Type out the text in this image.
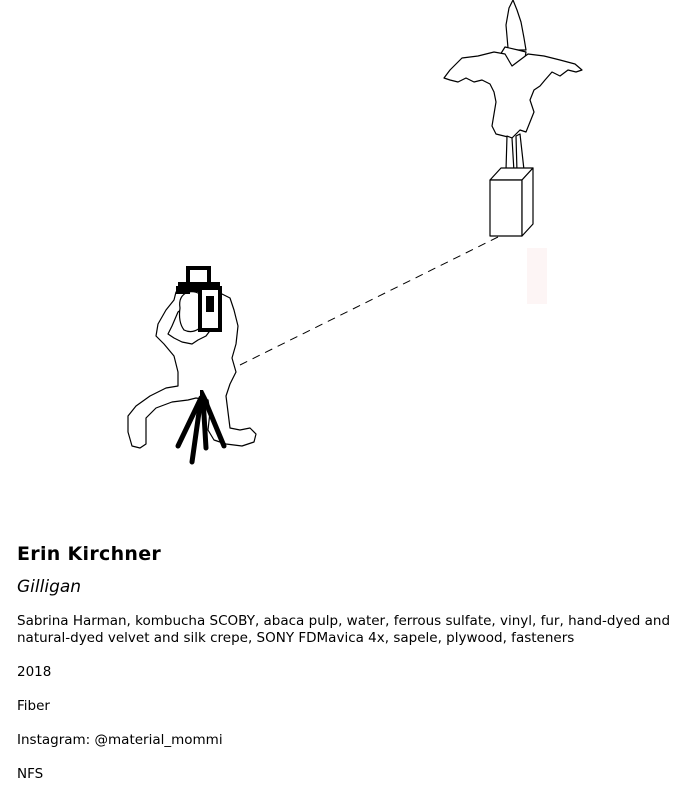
Erin Kirchner

Gilligan

Sabrina Harman, kombucha SCOBY, abaca pulp, water, ferrous sulfate, vinyl, fur, hand-dyed and natural-dyed velvet and silk crepe, SONY FDMavica 4x, sapele, plywood, fasteners

2018

Fiber

Instagram: @material_mommi

NFS
